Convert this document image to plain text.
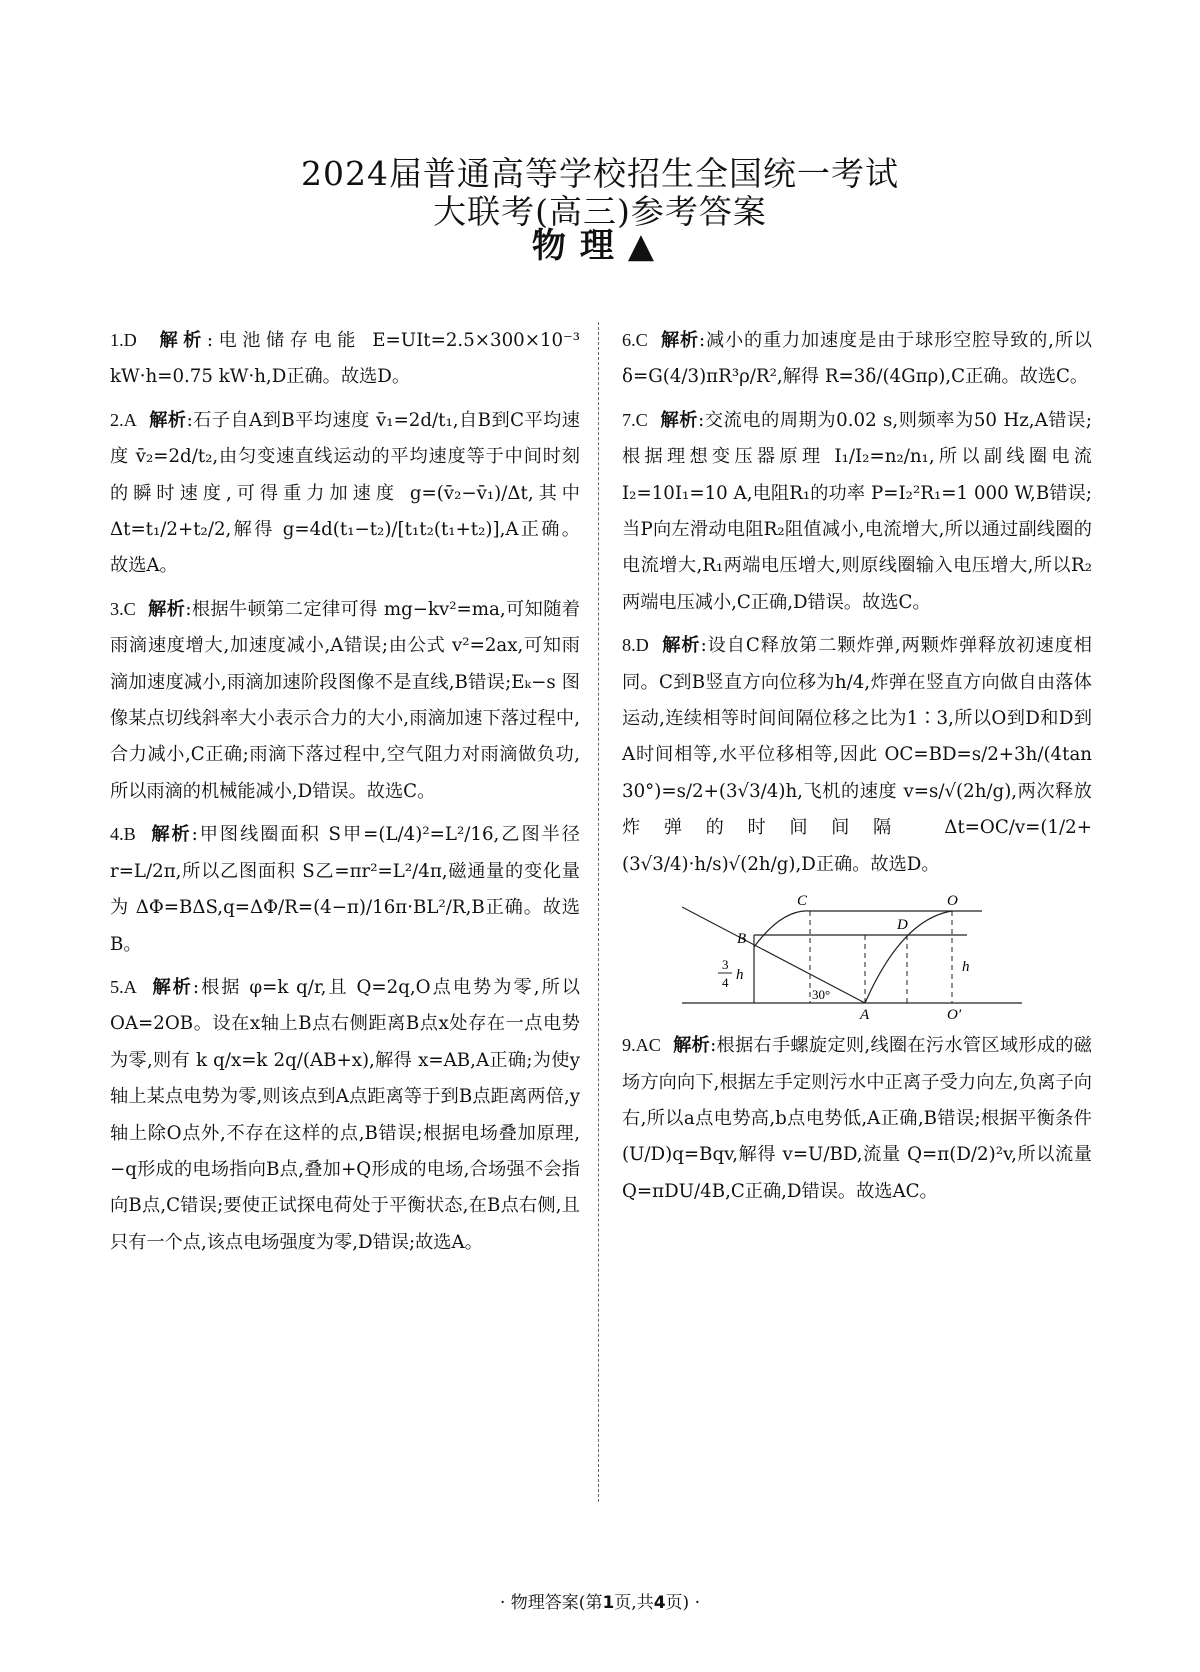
2024届普通高等学校招生全国统一考试
大联考(高三)参考答案
物理▲

1.D 解析:电池储存电能 E=UIt=2.5×300×10⁻³ kW·h=0.75 kW·h,D正确。故选D。

2.A 解析:石子自A到B平均速度 v̄₁=2d/t₁,自B到C平均速度 v̄₂=2d/t₂,由匀变速直线运动的平均速度等于中间时刻的瞬时速度,可得重力加速度 g=(v̄₂−v̄₁)/Δt,其中 Δt=t₁/2+t₂/2,解得 g=4d(t₁−t₂)/[t₁t₂(t₁+t₂)],A正确。故选A。

3.C 解析:根据牛顿第二定律可得 mg−kv²=ma,可知随着雨滴速度增大,加速度减小,A错误;由公式 v²=2ax,可知雨滴加速度减小,雨滴加速阶段图像不是直线,B错误;Eₖ−s 图像某点切线斜率大小表示合力的大小,雨滴加速下落过程中,合力减小,C正确;雨滴下落过程中,空气阻力对雨滴做负功,所以雨滴的机械能减小,D错误。故选C。

4.B 解析:甲图线圈面积 S甲=(L/4)²=L²/16,乙图半径 r=L/2π,所以乙图面积 S乙=πr²=L²/4π,磁通量的变化量为 ΔΦ=BΔS,q=ΔΦ/R=(4−π)/16π·BL²/R,B正确。故选B。

5.A 解析:根据 φ=k q/r,且 Q=2q,O点电势为零,所以 OA=2OB。设在x轴上B点右侧距离B点x处存在一点电势为零,则有 k q/x=k 2q/(AB+x),解得 x=AB,A正确;为使y轴上某点电势为零,则该点到A点距离等于到B点距离两倍,y轴上除O点外,不存在这样的点,B错误;根据电场叠加原理,−q形成的电场指向B点,叠加+Q形成的电场,合场强不会指向B点,C错误;要使正试探电荷处于平衡状态,在B点右侧,且只有一个点,该点电场强度为零,D错误;故选A。

6.C 解析:减小的重力加速度是由于球形空腔导致的,所以 δ=G(4/3)πR³ρ/R²,解得 R=3δ/(4Gπρ),C正确。故选C。

7.C 解析:交流电的周期为0.02 s,则频率为50 Hz,A错误;根据理想变压器原理 I₁/I₂=n₂/n₁,所以副线圈电流 I₂=10I₁=10 A,电阻R₁的功率 P=I₂²R₁=1 000 W,B错误;当P向左滑动电阻R₂阻值减小,电流增大,所以通过副线圈的电流增大,R₁两端电压增大,则原线圈输入电压增大,所以R₂两端电压减小,C正确,D错误。故选C。

8.D 解析:设自C释放第二颗炸弹,两颗炸弹释放初速度相同。C到B竖直方向位移为h/4,炸弹在竖直方向做自由落体运动,连续相等时间间隔位移之比为1∶3,所以O到D和D到A时间相等,水平位移相等,因此 OC=BD=s/2+3h/(4tan 30°)=s/2+(3√3/4)h,飞机的速度 v=s/√(2h/g),两次释放炸弹的时间间隔 Δt=OC/v=(1/2+(3√3/4)·h/s)√(2h/g),D正确。故选D。

C	O
B
D
A	O′
h
30°
3
4 h

9.AC 解析:根据右手螺旋定则,线圈在污水管区域形成的磁场方向向下,根据左手定则污水中正离子受力向左,负离子向右,所以a点电势高,b点电势低,A正确,B错误;根据平衡条件 (U/D)q=Bqv,解得 v=U/BD,流量 Q=π(D/2)²v,所以流量 Q=πDU/4B,C正确,D错误。故选AC。

· 物理答案(第1页,共4页) ·
